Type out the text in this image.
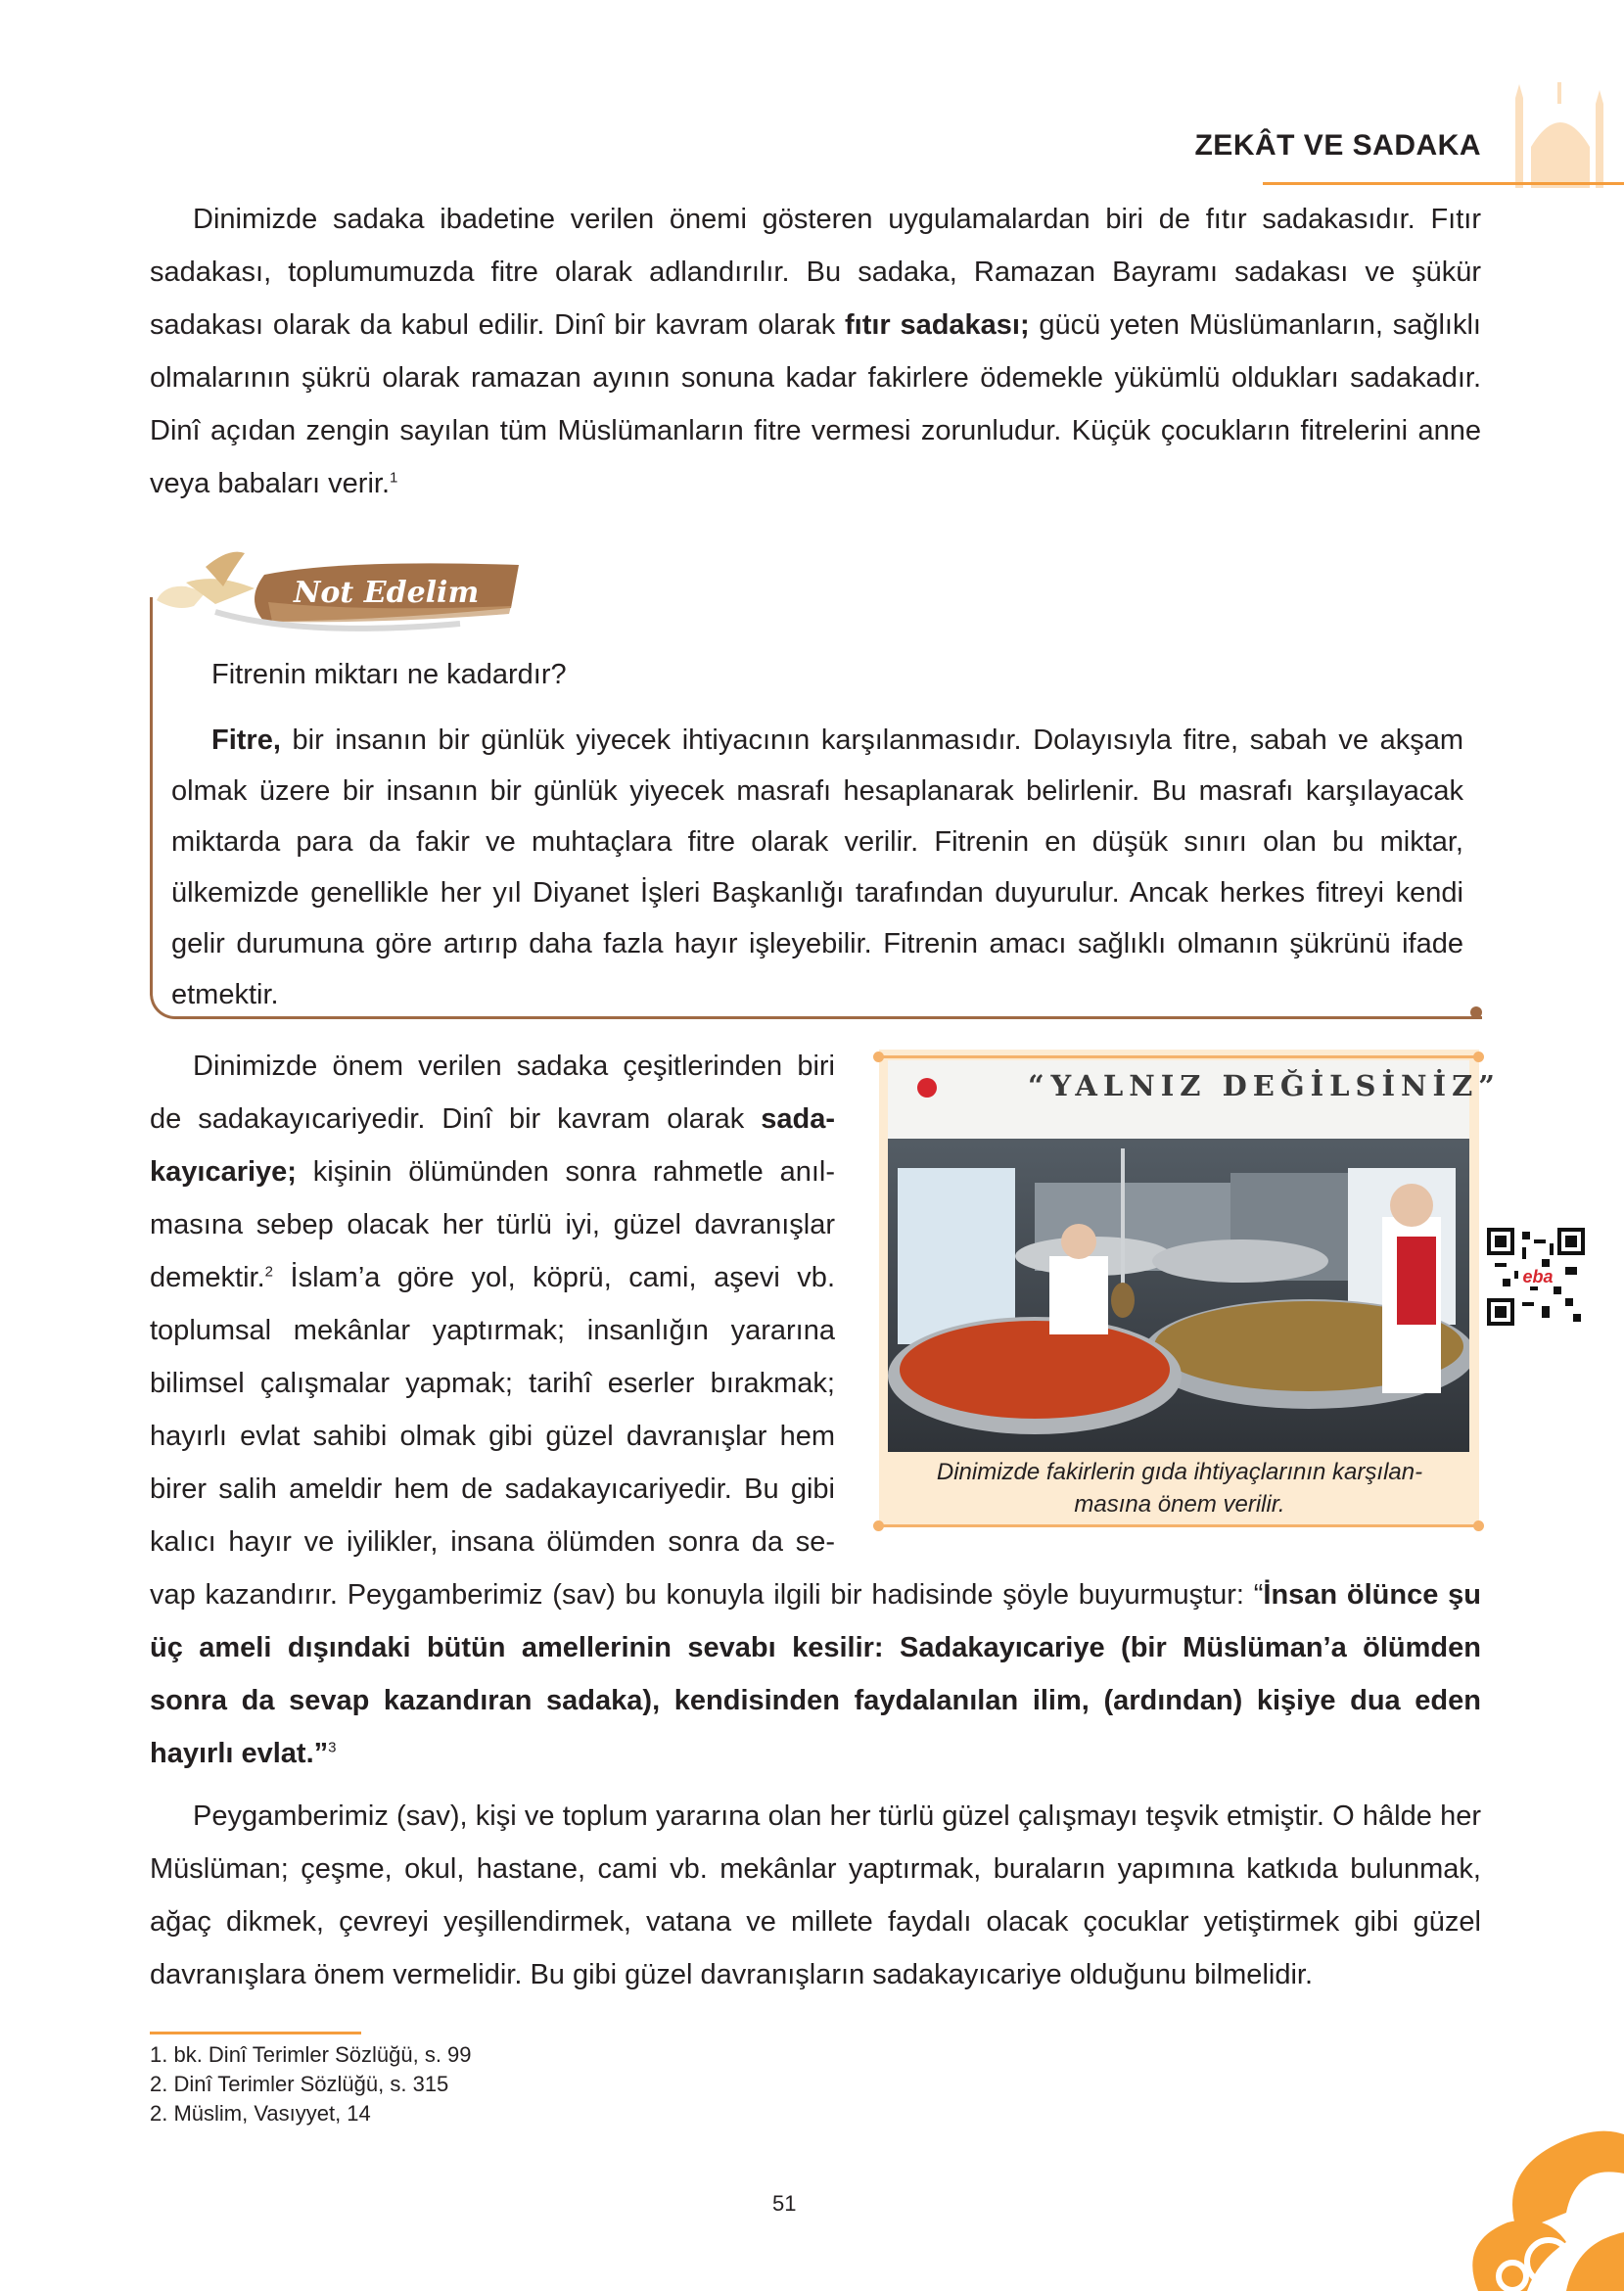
ZEKÂT VE SADAKA

Dinimizde sadaka ibadetine verilen önemi gösteren uygulamalardan biri de fıtır sadakasıdır. Fıtır sadakası, toplumumuzda fitre olarak adlandırılır. Bu sadaka, Ramazan Bayramı sadakası ve şükür sadakası olarak da kabul edilir. Dinî bir kavram olarak fıtır sadakası; gücü yeten Müslümanların, sağlıklı olmalarının şükrü olarak ramazan ayının sonuna kadar fakirlere ödemekle yükümlü oldukları sadakadır. Dinî açıdan zengin sayılan tüm Müslümanların fitre vermesi zorunludur. Küçük çocukların fitrelerini anne veya babaları verir.$^1$

Not Edelim

Fitrenin miktarı ne kadardır?

Fitre, bir insanın bir günlük yiyecek ihtiyacının karşılanmasıdır. Dolayısıyla fitre, sabah ve akşam olmak üzere bir insanın bir günlük yiyecek masrafı hesaplanarak belirlenir. Bu masrafı karşılayacak miktarda para da fakir ve muhtaçlara fitre olarak verilir. Fitrenin en düşük sınırı olan bu miktar, ülkemizde genellikle her yıl Diyanet İşleri Başkanlığı tarafından duyurulur. Ancak herkes fitreyi kendi gelir durumuna göre artırıp daha fazla hayır işleyebilir. Fitrenin amacı sağlıklı olmanın şükrünü ifade etmektir.

Dinimizde önem verilen sadaka çeşitlerinden biri
de sadakayıcariyedir. Dinî bir kavram olarak sada-
kayıcariye; kişinin ölümünden sonra rahmetle anıl-
masına sebep olacak her türlü iyi, güzel davranışlar
demektir.$^2$ İslam’a göre yol, köprü, cami, aşevi vb.
toplumsal mekânlar yaptırmak; insanlığın yararına
bilimsel çalışmalar yapmak; tarihî eserler bırakmak;
hayırlı evlat sahibi olmak gibi güzel davranışlar hem
birer salih ameldir hem de sadakayıcariyedir. Bu gibi
kalıcı hayır ve iyilikler, insana ölümden sonra da se-

vap kazandırır. Peygamberimiz (sav) bu konuyla ilgili bir hadisinde şöyle buyurmuştur: “İnsan ölünce şu üç ameli dışındaki bütün amellerinin sevabı kesilir: Sadakayıcariye (bir Müslüman’a ölümden sonra da sevap kazandıran sadaka), kendisinden faydalanılan ilim, (ardından) kişiye dua eden hayırlı evlat.”$^3$

“YALNIZ DEĞİLSİNİZ”
Dinimizde fakirlerin gıda ihtiyaçlarının karşılan-
masına önem verilir.
eba

Peygamberimiz (sav), kişi ve toplum yararına olan her türlü güzel çalışmayı teşvik etmiştir. O hâlde her Müslüman; çeşme, okul, hastane, cami vb. mekânlar yaptırmak, buraların yapımına katkıda bulunmak, ağaç dikmek, çevreyi yeşillendirmek, vatana ve millete faydalı olacak çocuklar yetiştirmek gibi güzel davranışlara önem vermelidir. Bu gibi güzel davranışların sadakayıcariye olduğunu bilmelidir.

1. bk. Dinî Terimler Sözlüğü, s. 99
2. Dinî Terimler Sözlüğü, s. 315
2. Müslim, Vasıyyet, 14
51
